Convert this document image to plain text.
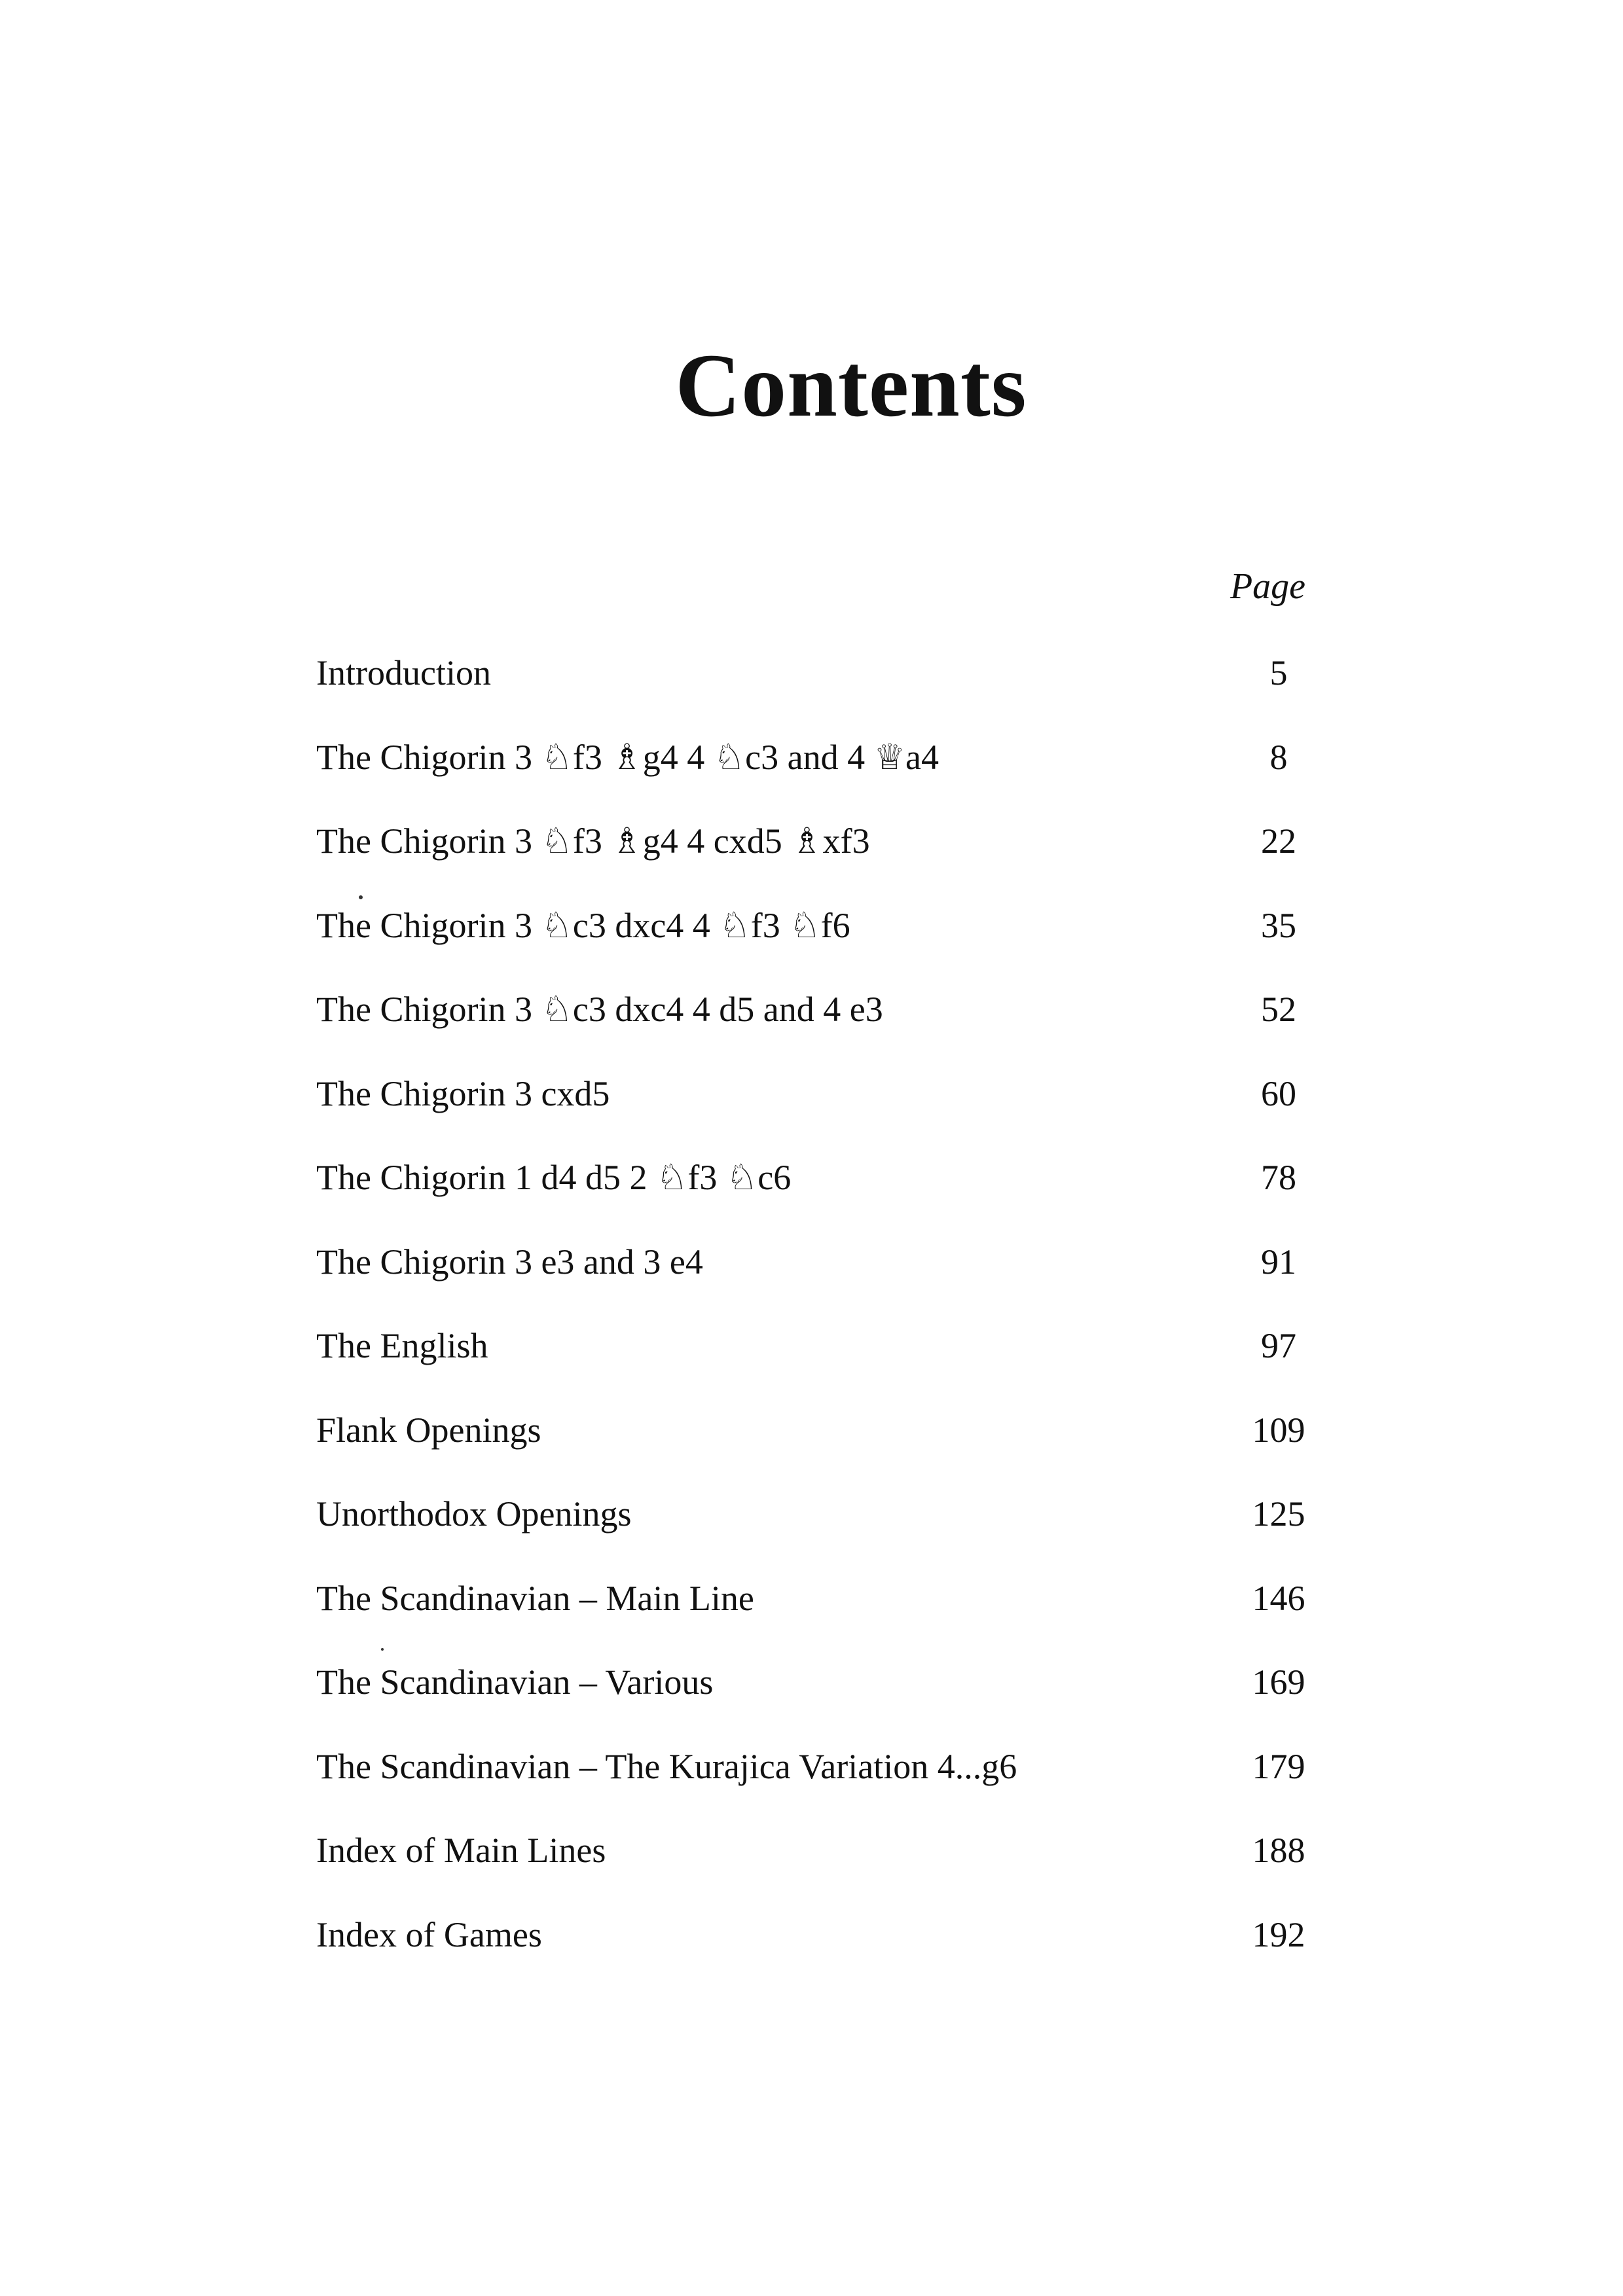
Contents
Page
Introduction	5
The Chigorin 3 ♘f3 ♗g4 4 ♘c3 and 4 ♕a4	8
The Chigorin 3 ♘f3 ♗g4 4 cxd5 ♗xf3	22
The Chigorin 3 ♘c3 dxc4 4 ♘f3 ♘f6	35
The Chigorin 3 ♘c3 dxc4 4 d5 and 4 e3	52
The Chigorin 3 cxd5	60
The Chigorin 1 d4 d5 2 ♘f3 ♘c6	78
The Chigorin 3 e3 and 3 e4	91
The English	97
Flank Openings	109
Unorthodox Openings	125
The Scandinavian – Main Line	146
The Scandinavian – Various	169
The Scandinavian – The Kurajica Variation 4...g6	179
Index of Main Lines	188
Index of Games	192
